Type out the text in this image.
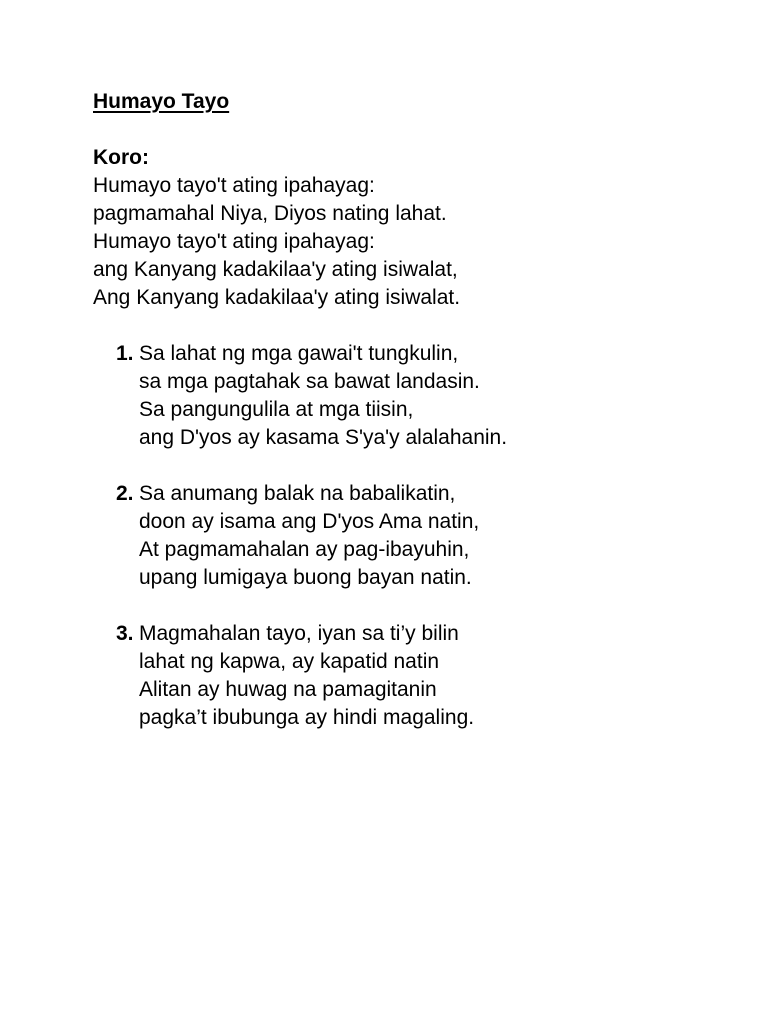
Humayo Tayo
Koro:
Humayo tayo't ating ipahayag:
pagmamahal Niya, Diyos nating lahat.
Humayo tayo't ating ipahayag:
ang Kanyang kadakilaa'y ating isiwalat,
Ang Kanyang kadakilaa'y ating isiwalat.
1. Sa lahat ng mga gawai't tungkulin,
sa mga pagtahak sa bawat landasin.
Sa pangungulila at mga tiisin,
ang D'yos ay kasama S'ya'y alalahanin.
2. Sa anumang balak na babalikatin,
doon ay isama ang D'yos Ama natin,
At pagmamahalan ay pag-ibayuhin,
upang lumigaya buong bayan natin.
3. Magmahalan tayo, iyan sa ti’y bilin
lahat ng kapwa, ay kapatid natin
Alitan ay huwag na pamagitanin
pagka’t ibubunga ay hindi magaling.
